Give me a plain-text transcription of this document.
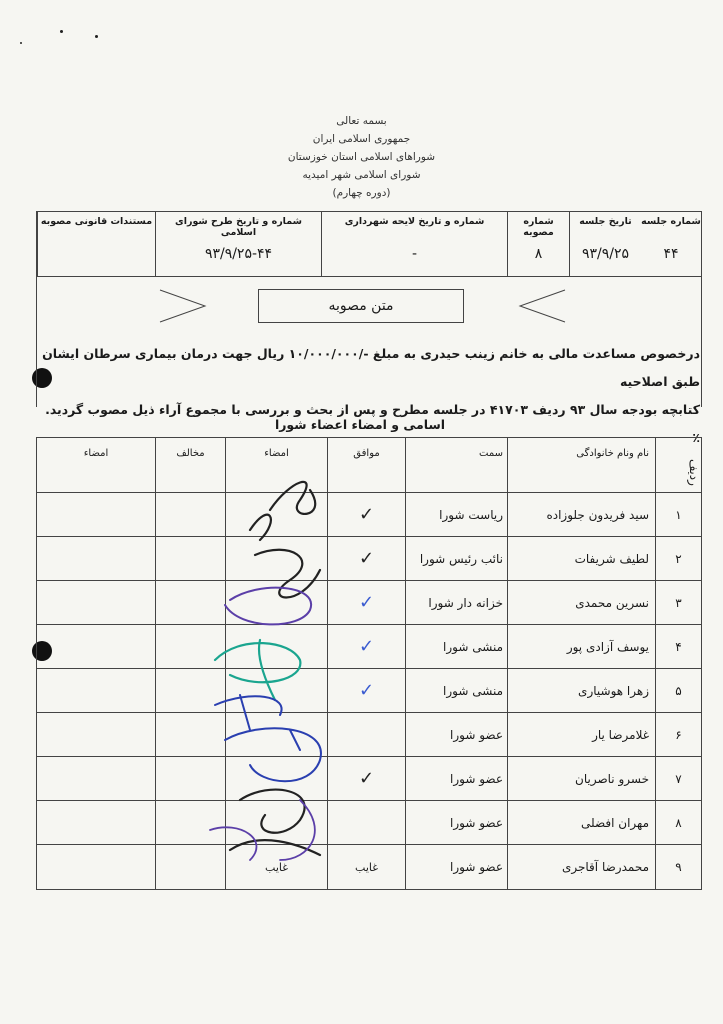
بسمه تعالی
جمهوری اسلامی ایران
شوراهای اسلامی استان خوزستان
شورای اسلامی شهر امیدیه
(دوره چهارم)
مستندات قانونی مصوبه	شماره و تاریخ طرح شورای اسلامی
۹۳/۹/۲۵-۴۴
شماره و تاریخ لایحه شهرداری
-
شماره مصوبه
۸
تاریخ جلسه
۹۳/۹/۲۵
شماره جلسه
۴۴
متن مصوبه
درخصوص مساعدت مالی به خانم زینب حیدری به مبلغ -/۱۰/۰۰۰/۰۰۰ ریال جهت درمان بیماری سرطان ایشان طبق اصلاحیه
کتابچه بودجه سال ۹۳ ردیف ۴۱۷۰۳ در جلسه مطرح و پس از بحث و بررسی با مجموع آراء ذیل مصوب گردید.٪
اسامی و امضاء اعضاء شورا
ردیف
نام ونام خانوادگی
سمت
موافق
امضاء
مخالف
امضاء
۱
سید فریدون جلوزاده
ریاست شورا
✓
۲
لطیف شریفات
نائب رئیس شورا
✓
۳
نسرین محمدی
خزانه دار شورا
✓
۴
یوسف آزادی پور
منشی شورا
✓
۵
زهرا هوشیاری
منشی شورا
✓
۶
غلامرضا یار
عضو شورا
۷
خسرو ناصریان
عضو شورا
✓
۸
مهران افضلی
عضو شورا
۹
محمدرضا آقاجری
عضو شورا
غایب
غایب
